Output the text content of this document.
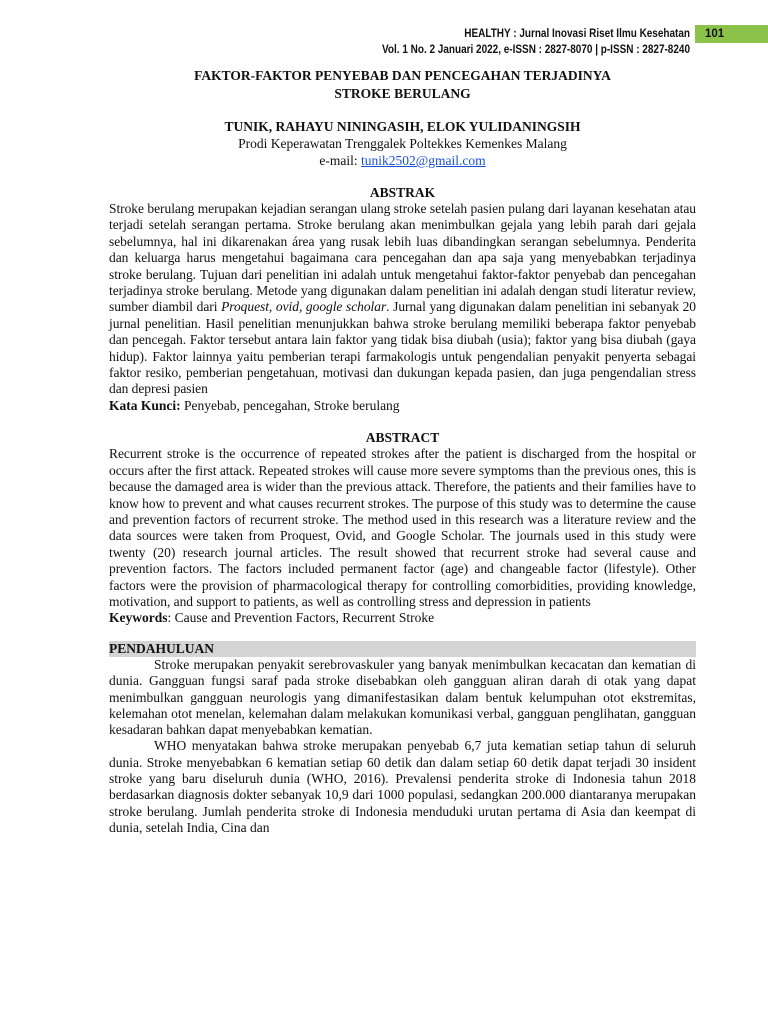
HEALTHY : Jurnal Inovasi Riset Ilmu Kesehatan
Vol. 1 No. 2 Januari 2022, e-ISSN : 2827-8070 | p-ISSN : 2827-8240
101

FAKTOR-FAKTOR PENYEBAB DAN PENCEGAHAN TERJADINYA
STROKE BERULANG

TUNIK, RAHAYU NININGASIH, ELOK YULIDANINGSIH

Prodi Keperawatan Trenggalek Poltekkes Kemenkes Malang

e-mail: tunik2502@gmail.com

ABSTRAK

Stroke berulang merupakan kejadian serangan ulang stroke setelah pasien pulang dari layanan kesehatan atau terjadi setelah serangan pertama. Stroke berulang akan menimbulkan gejala yang lebih parah dari gejala sebelumnya, hal ini dikarenakan área yang rusak lebih luas dibandingkan serangan sebelumnya. Penderita dan keluarga harus mengetahui bagaimana cara pencegahan dan apa saja yang menyebabkan terjadinya stroke berulang. Tujuan dari penelitian ini adalah untuk mengetahui faktor-faktor penyebab dan pencegahan terjadinya stroke berulang. Metode yang digunakan dalam penelitian ini adalah dengan studi literatur review, sumber diambil dari Proquest, ovid, google scholar. Jurnal yang digunakan dalam penelitian ini sebanyak 20 jurnal penelitian. Hasil penelitian menunjukkan bahwa stroke berulang memiliki beberapa faktor penyebab dan pencegah. Faktor tersebut antara lain faktor yang tidak bisa diubah (usia); faktor yang bisa diubah (gaya hidup). Faktor lainnya yaitu pemberian terapi farmakologis untuk pengendalian penyakit penyerta sebagai faktor resiko, pemberian pengetahuan, motivasi dan dukungan kepada pasien, dan juga pengendalian stress dan depresi pasien

Kata Kunci: Penyebab, pencegahan, Stroke berulang

ABSTRACT

Recurrent stroke is the occurrence of repeated strokes after the patient is discharged from the hospital or occurs after the first attack. Repeated strokes will cause more severe symptoms than the previous ones, this is because the damaged area is wider than the previous attack. Therefore, the patients and their families have to know how to prevent and what causes recurrent strokes. The purpose of this study was to determine the cause and prevention factors of recurrent stroke. The method used in this research was a literature review and the data sources were taken from Proquest, Ovid, and Google Scholar. The journals used in this study were twenty (20) research journal articles. The result showed that recurrent stroke had several cause and prevention factors. The factors included permanent factor (age) and changeable factor (lifestyle). Other factors were the provision of pharmacological therapy for controlling comorbidities, providing knowledge, motivation, and support to patients, as well as controlling stress and depression in patients

Keywords: Cause and Prevention Factors, Recurrent Stroke

PENDAHULUAN

Stroke merupakan penyakit serebrovaskuler yang banyak menimbulkan kecacatan dan kematian di dunia. Gangguan fungsi saraf pada stroke disebabkan oleh gangguan aliran darah di otak yang dapat menimbulkan gangguan neurologis yang dimanifestasikan dalam bentuk kelumpuhan otot ekstremitas, kelemahan otot menelan, kelemahan dalam melakukan komunikasi verbal, gangguan penglihatan, gangguan kesadaran bahkan dapat menyebabkan kematian.

WHO menyatakan bahwa stroke merupakan penyebab 6,7 juta kematian setiap tahun di seluruh dunia. Stroke menyebabkan 6 kematian setiap 60 detik dan dalam setiap 60 detik dapat terjadi 30 insident stroke yang baru diseluruh dunia (WHO, 2016). Prevalensi penderita stroke di Indonesia tahun 2018 berdasarkan diagnosis dokter sebanyak 10,9 dari 1000 populasi, sedangkan 200.000 diantaranya merupakan stroke berulang. Jumlah penderita stroke di Indonesia menduduki urutan pertama di Asia dan keempat di dunia, setelah India, Cina dan
